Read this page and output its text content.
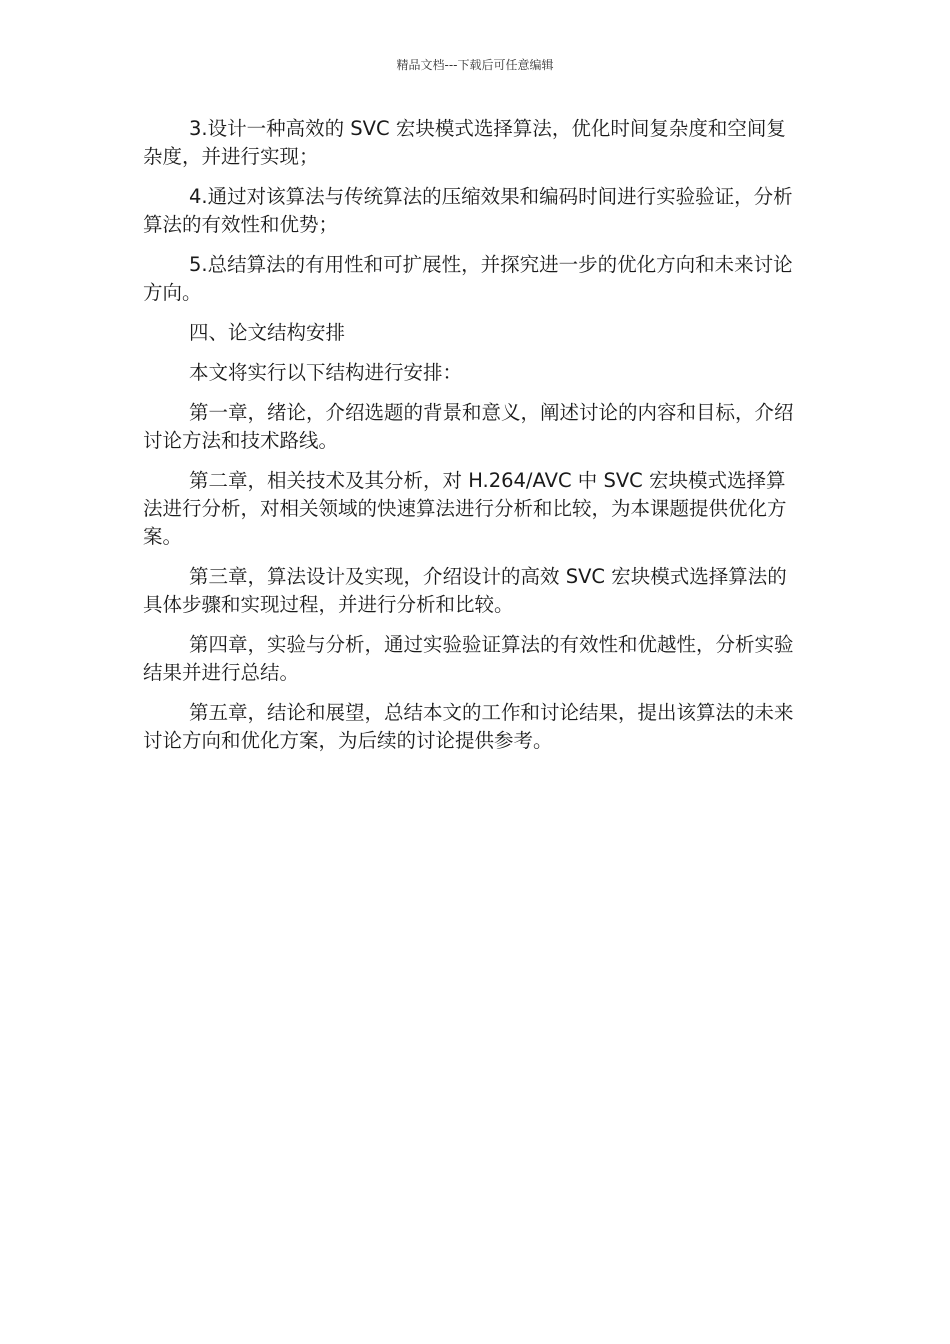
精品文档---下载后可任意编辑

3.设计一种高效的 SVC 宏块模式选择算法，优化时间复杂度和空间复杂度，并进行实现；

4.通过对该算法与传统算法的压缩效果和编码时间进行实验验证，分析算法的有效性和优势；

5.总结算法的有用性和可扩展性，并探究进一步的优化方向和未来讨论方向。

四、论文结构安排

本文将实行以下结构进行安排：

第一章，绪论，介绍选题的背景和意义，阐述讨论的内容和目标，介绍讨论方法和技术路线。

第二章，相关技术及其分析，对 H.264/AVC 中 SVC 宏块模式选择算法进行分析，对相关领域的快速算法进行分析和比较，为本课题提供优化方案。

第三章，算法设计及实现，介绍设计的高效 SVC 宏块模式选择算法的具体步骤和实现过程，并进行分析和比较。

第四章，实验与分析，通过实验验证算法的有效性和优越性，分析实验结果并进行总结。

第五章，结论和展望，总结本文的工作和讨论结果，提出该算法的未来讨论方向和优化方案，为后续的讨论提供参考。
